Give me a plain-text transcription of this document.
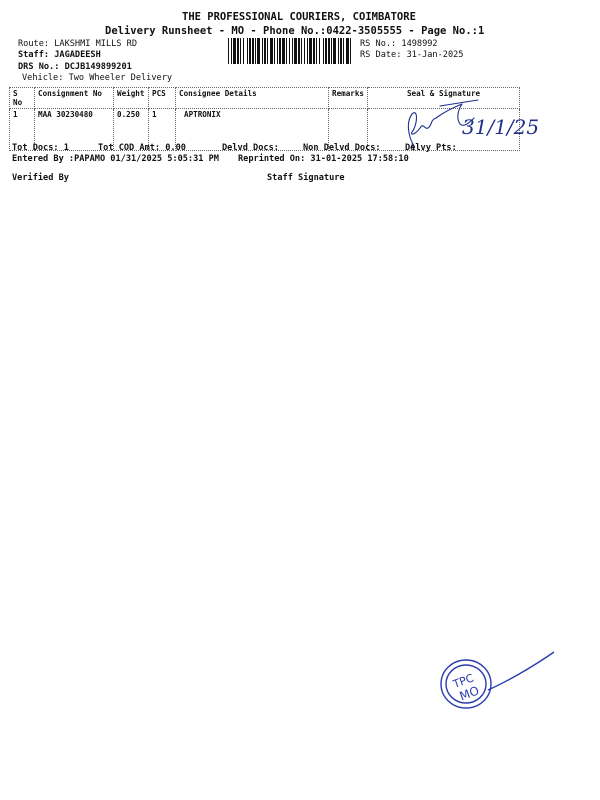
THE PROFESSIONAL COURIERS, COIMBATORE
Delivery Runsheet - MO - Phone No.:0422-3505555 - Page No.:1
Route: LAKSHMI MILLS RD
Staff: JAGADEESH
DRS No.: DCJB149899201
Vehicle: Two Wheeler Delivery
RS No.: 1498992
RS Date: 31-Jan-2025
S No	Consignment No	Weight	PCS	Consignee Details	Remarks	Seal & Signature
1	MAA 30230480	0.250	1	APTRONIX		
31/1/25
Tot Docs: 1	Tot COD Amt: 0.00	Delvd Docs:	Non Delvd Docs:	Delvy Pts:
Entered By :PAPAMO 01/31/2025 5:05:31 PM Reprinted On: 31-01-2025 17:58:10
Verified By	Staff Signature
TPC
MO
